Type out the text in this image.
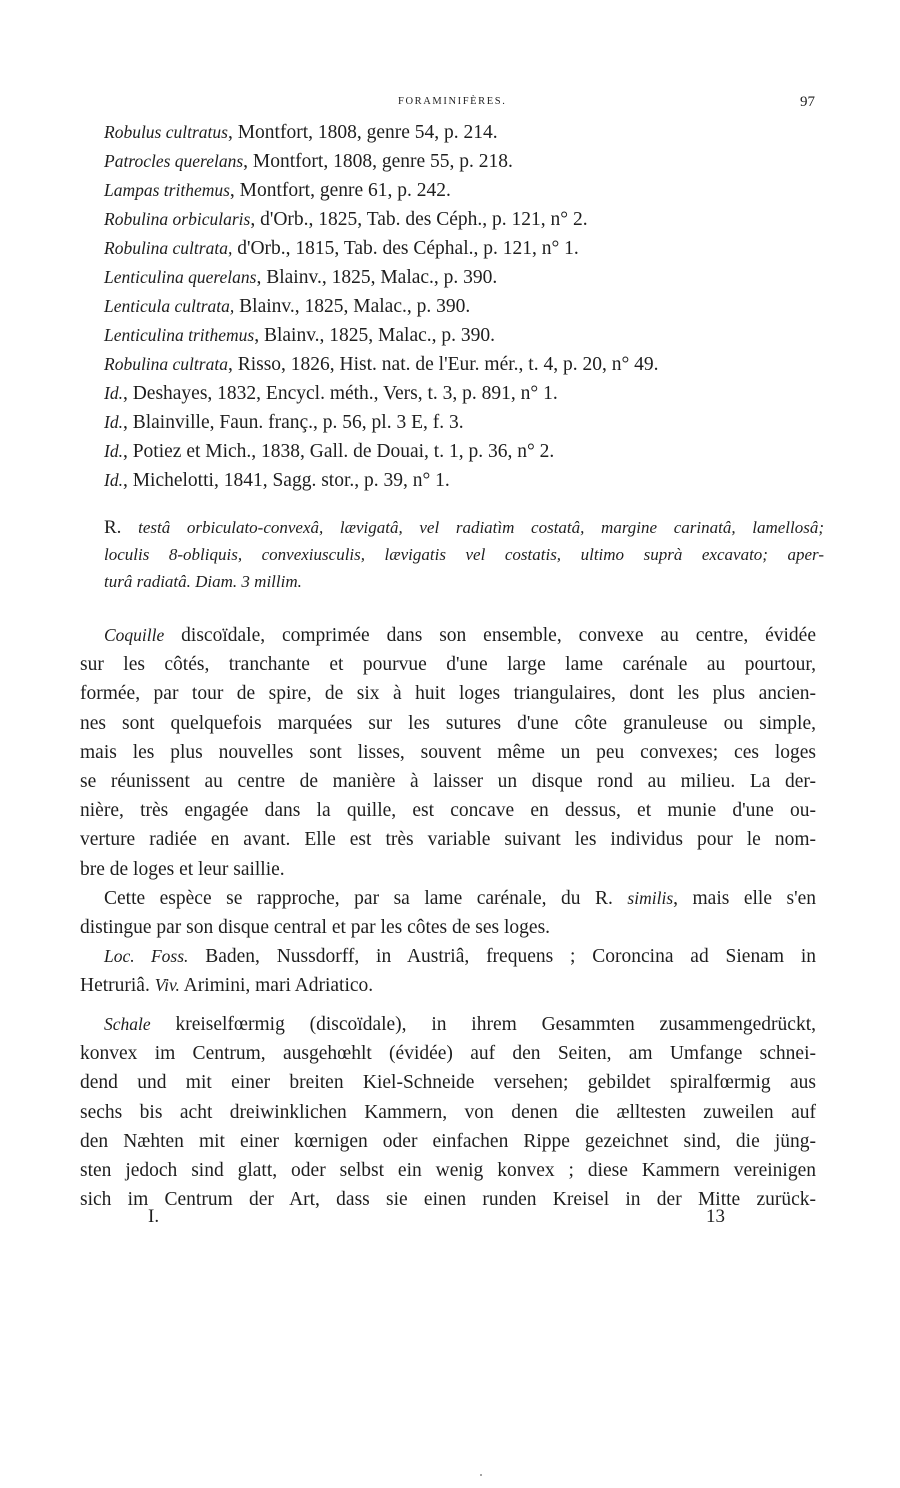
FORAMINIFÈRES.	97
Robulus cultratus, Montfort, 1808, genre 54, p. 214.
Patrocles querelans, Montfort, 1808, genre 55, p. 218.
Lampas trithemus, Montfort, genre 61, p. 242.
Robulina orbicularis, d'Orb., 1825, Tab. des Céph., p. 121, n° 2.
Robulina cultrata, d'Orb., 1815, Tab. des Céphal., p. 121, n° 1.
Lenticulina querelans, Blainv., 1825, Malac., p. 390.
Lenticula cultrata, Blainv., 1825, Malac., p. 390.
Lenticulina trithemus, Blainv., 1825, Malac., p. 390.
Robulina cultrata, Risso, 1826, Hist. nat. de l'Eur. mér., t. 4, p. 20, n° 49.
Id., Deshayes, 1832, Encycl. méth., Vers, t. 3, p. 891, n° 1.
Id., Blainville, Faun. franç., p. 56, pl. 3 E, f. 3.
Id., Potiez et Mich., 1838, Gall. de Douai, t. 1, p. 36, n° 2.
Id., Michelotti, 1841, Sagg. stor., p. 39, n° 1.
R. testâ orbiculato-convexâ, lævigatâ, vel radiatìm costatâ, margine carinatâ, lamellosâ;
loculis 8-obliquis, convexiusculis, lævigatis vel costatis, ultimo suprà excavato; aper-
turâ radiatâ. Diam. 3 millim.
Coquille discoïdale, comprimée dans son ensemble, convexe au centre, évidée
sur les côtés, tranchante et pourvue d'une large lame carénale au pourtour,
formée, par tour de spire, de six à huit loges triangulaires, dont les plus ancien-
nes sont quelquefois marquées sur les sutures d'une côte granuleuse ou simple,
mais les plus nouvelles sont lisses, souvent même un peu convexes; ces loges
se réunissent au centre de manière à laisser un disque rond au milieu. La der-
nière, très engagée dans la quille, est concave en dessus, et munie d'une ou-
verture radiée en avant. Elle est très variable suivant les individus pour le nom-
bre de loges et leur saillie.
Cette espèce se rapproche, par sa lame carénale, du R. similis, mais elle s'en
distingue par son disque central et par les côtes de ses loges.
Loc. Foss. Baden, Nussdorff, in Austriâ, frequens ; Coroncina ad Sienam in
Hetruriâ. Viv. Arimini, mari Adriatico.
Schale kreiselfœrmig (discoïdale), in ihrem Gesammten zusammengedrückt,
konvex im Centrum, ausgehœhlt (évidée) auf den Seiten, am Umfange schnei-
dend und mit einer breiten Kiel-Schneide versehen; gebildet spiralfœrmig aus
sechs bis acht dreiwinklichen Kammern, von denen die ælltesten zuweilen auf
den Næhten mit einer kœrnigen oder einfachen Rippe gezeichnet sind, die jüng-
sten jedoch sind glatt, oder selbst ein wenig konvex ; diese Kammern vereinigen
sich im Centrum der Art, dass sie einen runden Kreisel in der Mitte zurück-
I.	13
